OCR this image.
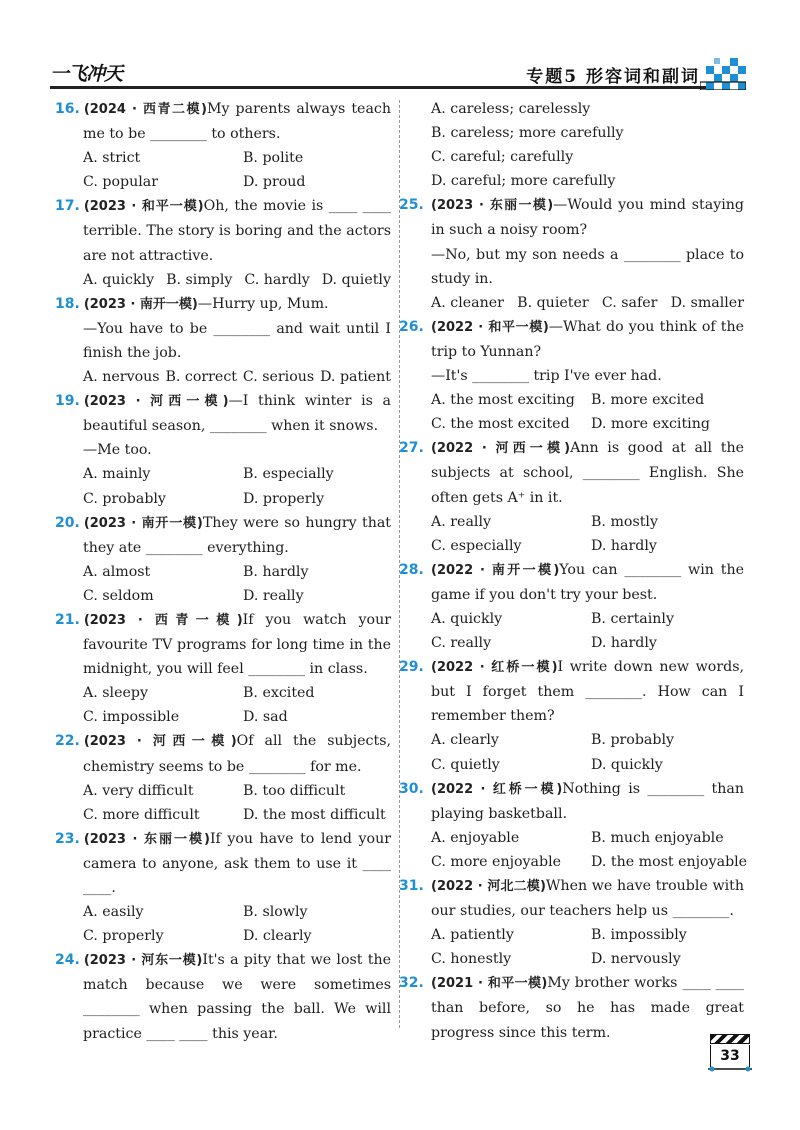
一飞冲天	专题5 形容词和副词
16. (2024 · 西青二模)My parents always teach me to be ________ to others.
A. strict	B. polite
C. popular	D. proud
17. (2023 · 和平一模)Oh, the movie is ____ ____ terrible. The story is boring and the actors are not attractive.
A. quickly B. simply C. hardly D. quietly
18. (2023 · 南开一模)—Hurry up, Mum.
—You have to be ________ and wait until I finish the job.
A. nervous B. correct C. serious D. patient
19. (2023 · 河西一模)—I think winter is a beautiful season, ________ when it snows.
—Me too.
A. mainly	B. especially
C. probably	D. properly
20. (2023 · 南开一模)They were so hungry that they ate ________ everything.
A. almost	B. hardly
C. seldom	D. really
21. (2023 · 西青一模)If you watch your favourite TV programs for long time in the midnight, you will feel ________ in class.
A. sleepy	B. excited
C. impossible	D. sad
22. (2023 · 河西一模)Of all the subjects, chemistry seems to be ________ for me.
A. very difficult	B. too difficult
C. more difficult	D. the most difficult
23. (2023 · 东丽一模)If you have to lend your camera to anyone, ask them to use it ____ ____.
A. easily	B. slowly
C. properly	D. clearly
24. (2023 · 河东一模)It's a pity that we lost the match because we were sometimes ________ when passing the ball. We will practice ____ ____ this year.
A. careless; carelessly
B. careless; more carefully
C. careful; carefully
D. careful; more carefully
25. (2023 · 东丽一模)—Would you mind staying in such a noisy room?
—No, but my son needs a ________ place to study in.
A. cleaner B. quieter C. safer D. smaller
26. (2022 · 和平一模)—What do you think of the trip to Yunnan?
—It's ________ trip I've ever had.
A. the most exciting	B. more excited
C. the most excited	D. more exciting
27. (2022 · 河西一模)Ann is good at all the subjects at school, ________ English. She often gets A⁺ in it.
A. really	B. mostly
C. especially	D. hardly
28. (2022 · 南开一模)You can ________ win the game if you don't try your best.
A. quickly	B. certainly
C. really	D. hardly
29. (2022 · 红桥一模)I write down new words, but I forget them ________. How can I remember them?
A. clearly	B. probably
C. quietly	D. quickly
30. (2022 · 红桥一模)Nothing is ________ than playing basketball.
A. enjoyable	B. much enjoyable
C. more enjoyable	D. the most enjoyable
31. (2022 · 河北二模)When we have trouble with our studies, our teachers help us ________.
A. patiently	B. impossibly
C. honestly	D. nervously
32. (2021 · 和平一模)My brother works ____ ____ than before, so he has made great progress since this term.
33
